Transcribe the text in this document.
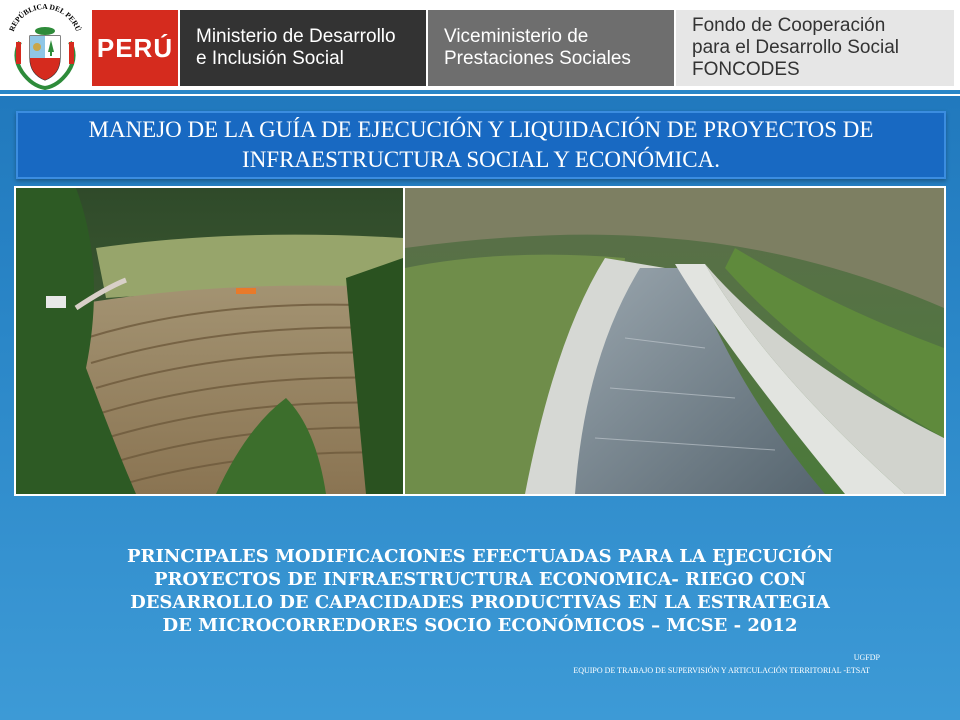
REPÚBLICA DEL PERÚ
PERÚ Ministerio de Desarrollo
e Inclusión Social
Viceministerio de
Prestaciones Sociales
Fondo de Cooperación
para el Desarrollo Social
FONCODES
MANEJO DE LA GUÍA DE EJECUCIÓN Y LIQUIDACIÓN DE PROYECTOS DE
INFRAESTRUCTURA SOCIAL Y ECONÓMICA.
PRINCIPALES MODIFICACIONES EFECTUADAS PARA LA EJECUCIÓN
PROYECTOS DE INFRAESTRUCTURA ECONOMICA- RIEGO CON
DESARROLLO DE CAPACIDADES PRODUCTIVAS EN LA ESTRATEGIA
DE MICROCORREDORES SOCIO ECONÓMICOS – MCSE - 2012
UGFDP
EQUIPO DE TRABAJO DE SUPERVISIÓN Y ARTICULACIÓN TERRITORIAL -ETSAT
